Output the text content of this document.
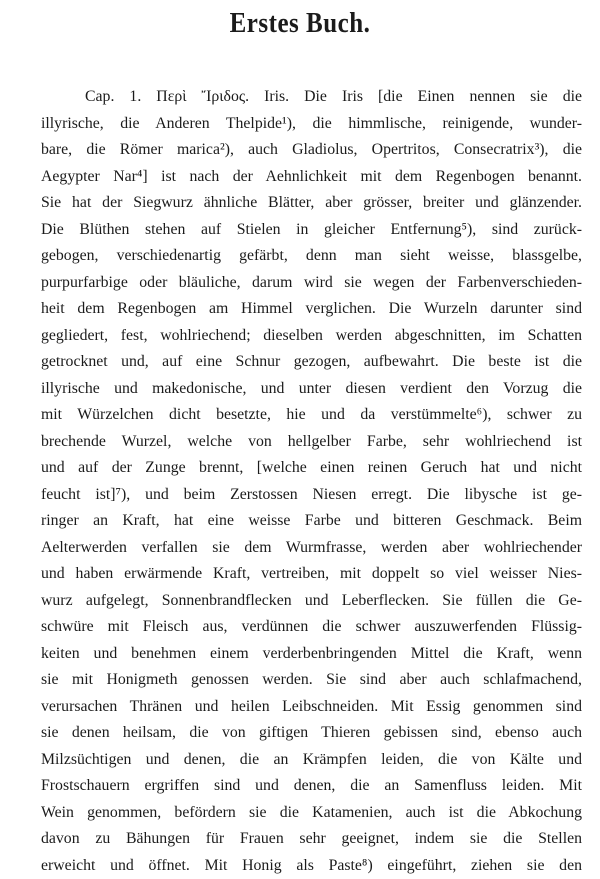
Erstes Buch.
Cap. 1. Περὶ Ἴριδος. Iris. Die Iris [die Einen nennen sie die
illyrische, die Anderen Thelpide¹), die himmlische, reinigende, wunder-
bare, die Römer marica²), auch Gladiolus, Opertritos, Consecratrix³), die
Aegypter Nar⁴] ist nach der Aehnlichkeit mit dem Regenbogen benannt.
Sie hat der Siegwurz ähnliche Blätter, aber grösser, breiter und glänzender.
Die Blüthen stehen auf Stielen in gleicher Entfernung⁵), sind zurück-
gebogen, verschiedenartig gefärbt, denn man sieht weisse, blassgelbe,
purpurfarbige oder bläuliche, darum wird sie wegen der Farbenverschieden-
heit dem Regenbogen am Himmel verglichen. Die Wurzeln darunter sind
gegliedert, fest, wohlriechend; dieselben werden abgeschnitten, im Schatten
getrocknet und, auf eine Schnur gezogen, aufbewahrt. Die beste ist die
illyrische und makedonische, und unter diesen verdient den Vorzug die
mit Würzelchen dicht besetzte, hie und da verstümmelte⁶), schwer zu
brechende Wurzel, welche von hellgelber Farbe, sehr wohlriechend ist
und auf der Zunge brennt, [welche einen reinen Geruch hat und nicht
feucht ist]⁷), und beim Zerstossen Niesen erregt. Die libysche ist ge-
ringer an Kraft, hat eine weisse Farbe und bitteren Geschmack. Beim
Aelterwerden verfallen sie dem Wurmfrasse, werden aber wohlriechender
und haben erwärmende Kraft, vertreiben, mit doppelt so viel weisser Nies-
wurz aufgelegt, Sonnenbrandflecken und Leberflecken. Sie füllen die Ge-
schwüre mit Fleisch aus, verdünnen die schwer auszuwerfenden Flüssig-
keiten und benehmen einem verderbenbringenden Mittel die Kraft, wenn
sie mit Honigmeth genossen werden. Sie sind aber auch schlafmachend,
verursachen Thränen und heilen Leibschneiden. Mit Essig genommen sind
sie denen heilsam, die von giftigen Thieren gebissen sind, ebenso auch
Milzsüchtigen und denen, die an Krämpfen leiden, die von Kälte und
Frostschauern ergriffen sind und denen, die an Samenfluss leiden. Mit
Wein genommen, befördern sie die Katamenien, auch ist die Abkochung
davon zu Bähungen für Frauen sehr geeignet, indem sie die Stellen
erweicht und öffnet. Mit Honig als Paste⁸) eingeführt, ziehen sie den
